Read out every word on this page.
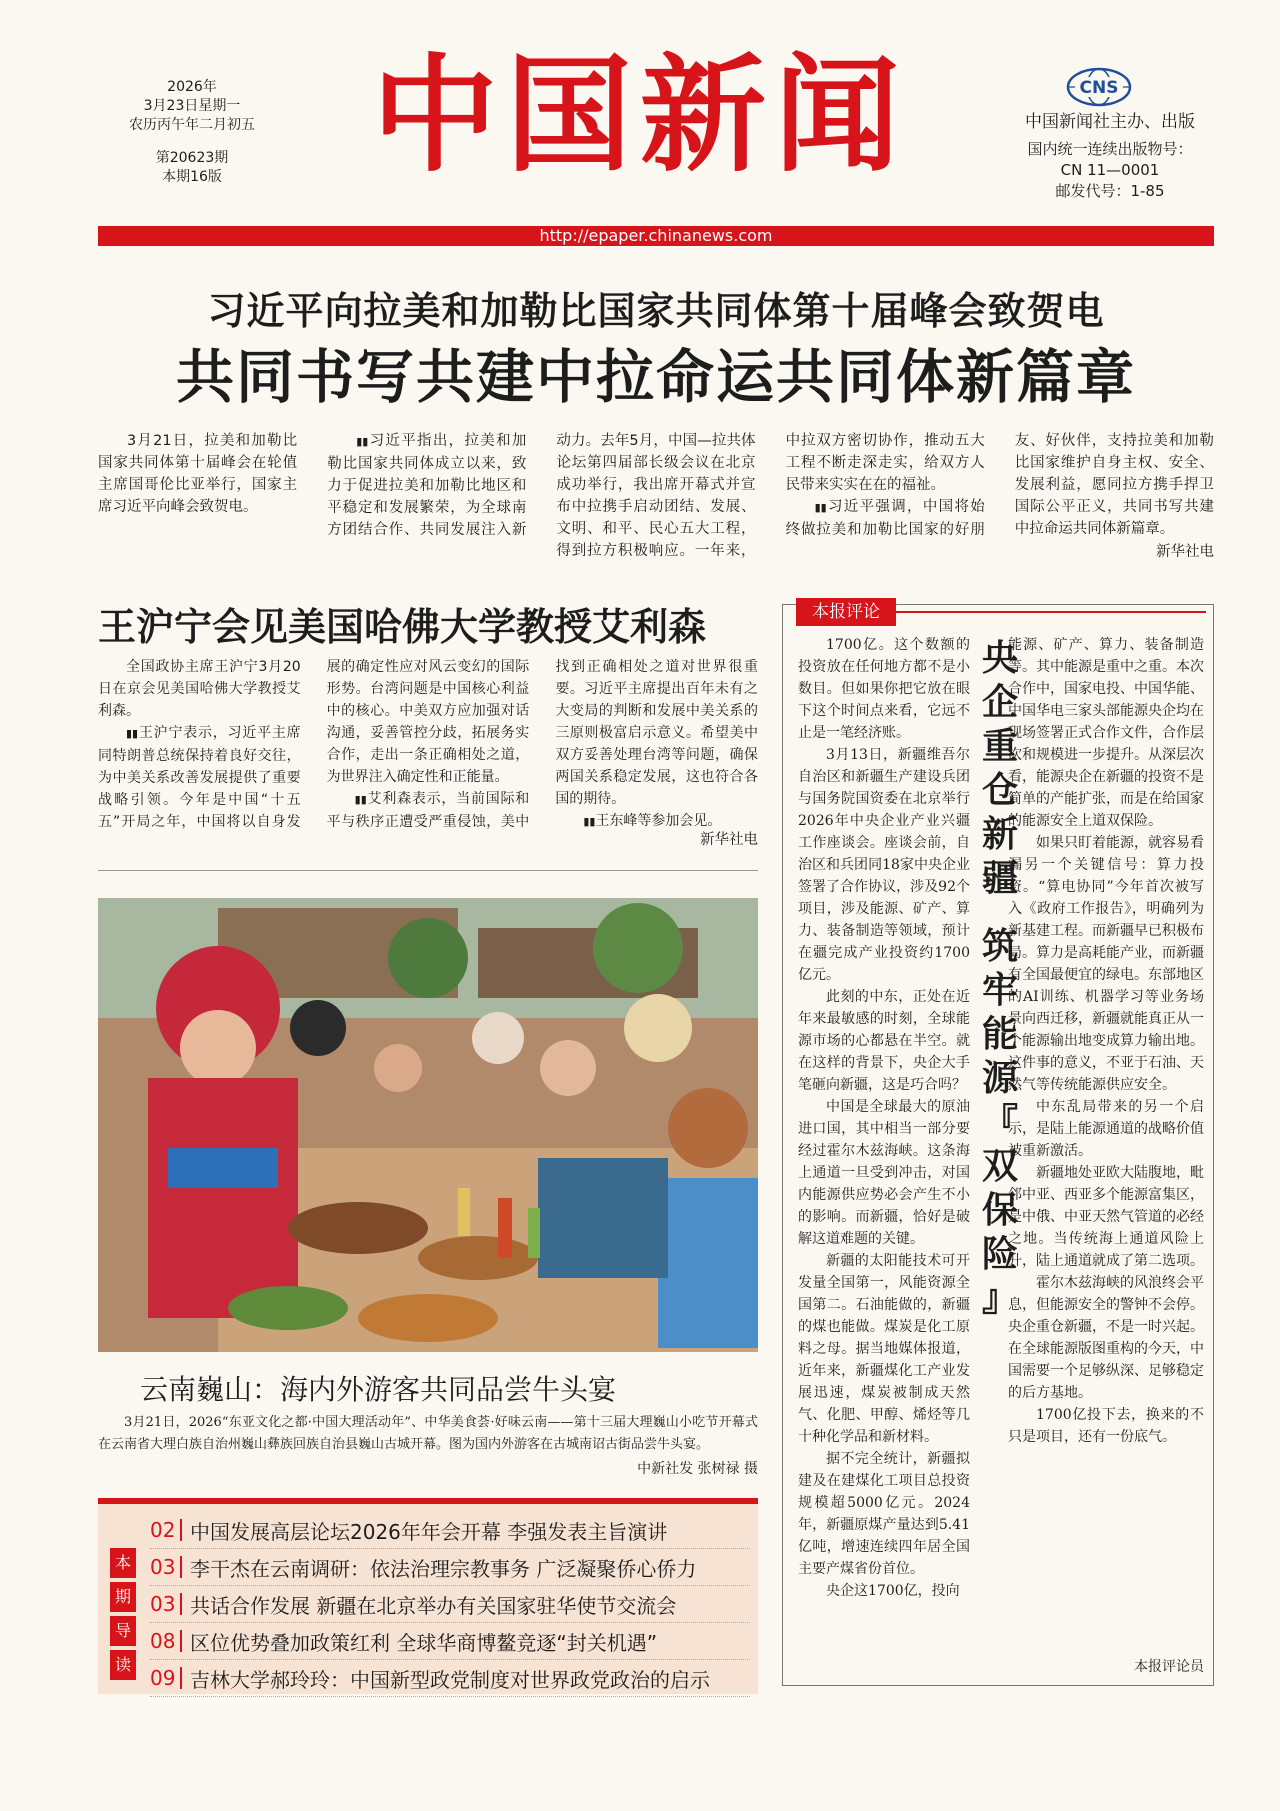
2026年
3月23日星期一
农历丙午年二月初五
第20623期
本期16版	中国新闻	CNS
中国新闻社主办、出版
国内统一连续出版物号：
CN 11—0001
邮发代号：1-85
http://epaper.chinanews.com
习近平向拉美和加勒比国家共同体第十届峰会致贺电
共同书写共建中拉命运共同体新篇章

3月21日，拉美和加勒比国家共同体第十届峰会在轮值主席国哥伦比亚举行，国家主席习近平向峰会致贺电。

▮▮ 习近平指出，拉美和加勒比国家共同体成立以来，致力于促进拉美和加勒比地区和平稳定和发展繁荣，为全球南方团结合作、共同发展注入新动力。去年5月，中国—拉共体论坛第四届部长级会议在北京成功举行，我出席开幕式并宣布中拉携手启动团结、发展、文明、和平、民心五大工程，得到拉方积极响应。一年来，中拉双方密切协作，推动五大工程不断走深走实，给双方人民带来实实在在的福祉。

▮▮ 习近平强调，中国将始终做拉美和加勒比国家的好朋友、好伙伴，支持拉美和加勒比国家维护自身主权、安全、发展利益，愿同拉方携手捍卫国际公平正义，共同书写共建中拉命运共同体新篇章。

新华社电
王沪宁会见美国哈佛大学教授艾利森

全国政协主席王沪宁3月20日在京会见美国哈佛大学教授艾利森。

▮▮ 王沪宁表示，习近平主席同特朗普总统保持着良好交往，为中美关系改善发展提供了重要战略引领。今年是中国“十五五”开局之年，中国将以自身发展的确定性应对风云变幻的国际形势。台湾问题是中国核心利益中的核心。中美双方应加强对话沟通，妥善管控分歧，拓展务实合作，走出一条正确相处之道，为世界注入确定性和正能量。

▮▮ 艾利森表示，当前国际和平与秩序正遭受严重侵蚀，美中找到正确相处之道对世界很重要。习近平主席提出百年未有之大变局的判断和发展中美关系的三原则极富启示意义。希望美中双方妥善处理台湾等问题，确保两国关系稳定发展，这也符合各国的期待。

▮▮ 王东峰等参加会见。

新华社电
云南巍山：海内外游客共同品尝牛头宴
3月21日，2026“东亚文化之都·中国大理活动年”、中华美食荟·好味云南——第十三届大理巍山小吃节开幕式在云南省大理白族自治州巍山彝族回族自治县巍山古城开幕。图为国内外游客在古城南诏古街品尝牛头宴。
中新社发 张树禄 摄
本
期
导
读
02 中国发展高层论坛2026年年会开幕 李强发表主旨演讲
03 李干杰在云南调研：依法治理宗教事务 广泛凝聚侨心侨力
03 共话合作发展 新疆在北京举办有关国家驻华使节交流会
08 区位优势叠加政策红利 全球华商博鳌竞逐“封关机遇”
09 吉林大学郝玲玲：中国新型政党制度对世界政党政治的启示
本报评论
央
企
重
仓
新
疆
筑
牢
能
源
『
双
保
险
』

1700亿。这个数额的投资放在任何地方都不是小数目。但如果你把它放在眼下这个时间点来看，它远不止是一笔经济账。

3月13日，新疆维吾尔自治区和新疆生产建设兵团与国务院国资委在北京举行2026年中央企业产业兴疆工作座谈会。座谈会前，自治区和兵团同18家中央企业签署了合作协议，涉及92个项目，涉及能源、矿产、算力、装备制造等领域，预计在疆完成产业投资约1700亿元。

此刻的中东，正处在近年来最敏感的时刻，全球能源市场的心都悬在半空。就在这样的背景下，央企大手笔砸向新疆，这是巧合吗？

中国是全球最大的原油进口国，其中相当一部分要经过霍尔木兹海峡。这条海上通道一旦受到冲击，对国内能源供应势必会产生不小的影响。而新疆，恰好是破解这道难题的关键。

新疆的太阳能技术可开发量全国第一，风能资源全国第二。石油能做的，新疆的煤也能做。煤炭是化工原料之母。据当地媒体报道，近年来，新疆煤化工产业发展迅速，煤炭被制成天然气、化肥、甲醇、烯烃等几十种化学品和新材料。

据不完全统计，新疆拟建及在建煤化工项目总投资规模超5000亿元。2024年，新疆原煤产量达到5.41亿吨，增速连续四年居全国主要产煤省份首位。

央企这1700亿，投向

能源、矿产、算力、装备制造等。其中能源是重中之重。本次合作中，国家电投、中国华能、中国华电三家头部能源央企均在现场签署正式合作文件，合作层次和规模进一步提升。从深层次看，能源央企在新疆的投资不是简单的产能扩张，而是在给国家的能源安全上道双保险。

如果只盯着能源，就容易看漏另一个关键信号：算力投资。“算电协同”今年首次被写入《政府工作报告》，明确列为新基建工程。而新疆早已积极布局。算力是高耗能产业，而新疆有全国最便宜的绿电。东部地区的AI训练、机器学习等业务场景向西迁移，新疆就能真正从一个能源输出地变成算力输出地。这件事的意义，不亚于石油、天然气等传统能源供应安全。

中东乱局带来的另一个启示，是陆上能源通道的战略价值被重新激活。

新疆地处亚欧大陆腹地，毗邻中亚、西亚多个能源富集区，是中俄、中亚天然气管道的必经之地。当传统海上通道风险上升，陆上通道就成了第二选项。

霍尔木兹海峡的风浪终会平息，但能源安全的警钟不会停。央企重仓新疆，不是一时兴起。在全球能源版图重构的今天，中国需要一个足够纵深、足够稳定的后方基地。

1700亿投下去，换来的不只是项目，还有一份底气。

本报评论员
